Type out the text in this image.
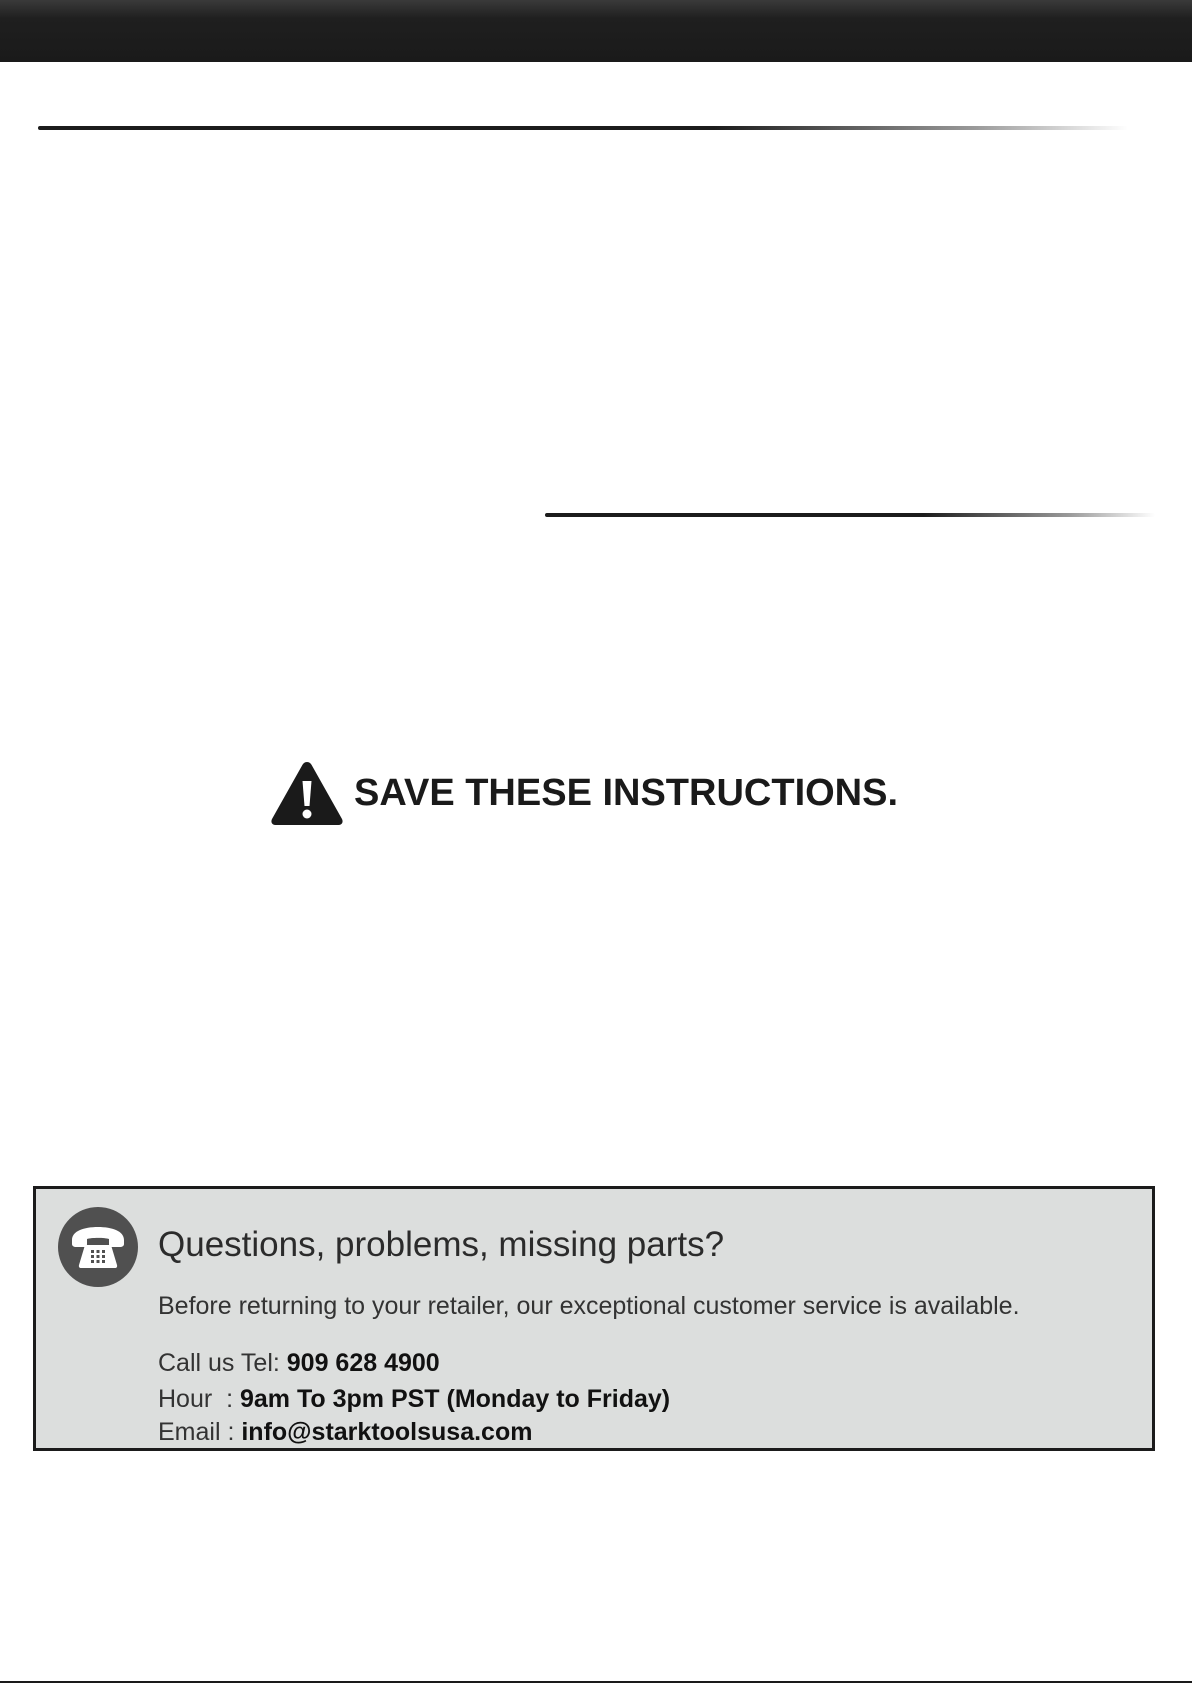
SAVE THESE INSTRUCTIONS.
Questions, problems, missing parts?
Before returning to your retailer, our exceptional customer service is available.
Call us Tel: 909 628 4900
Hour  : 9am To 3pm PST (Monday to Friday)
Email : info@starktoolsusa.com
